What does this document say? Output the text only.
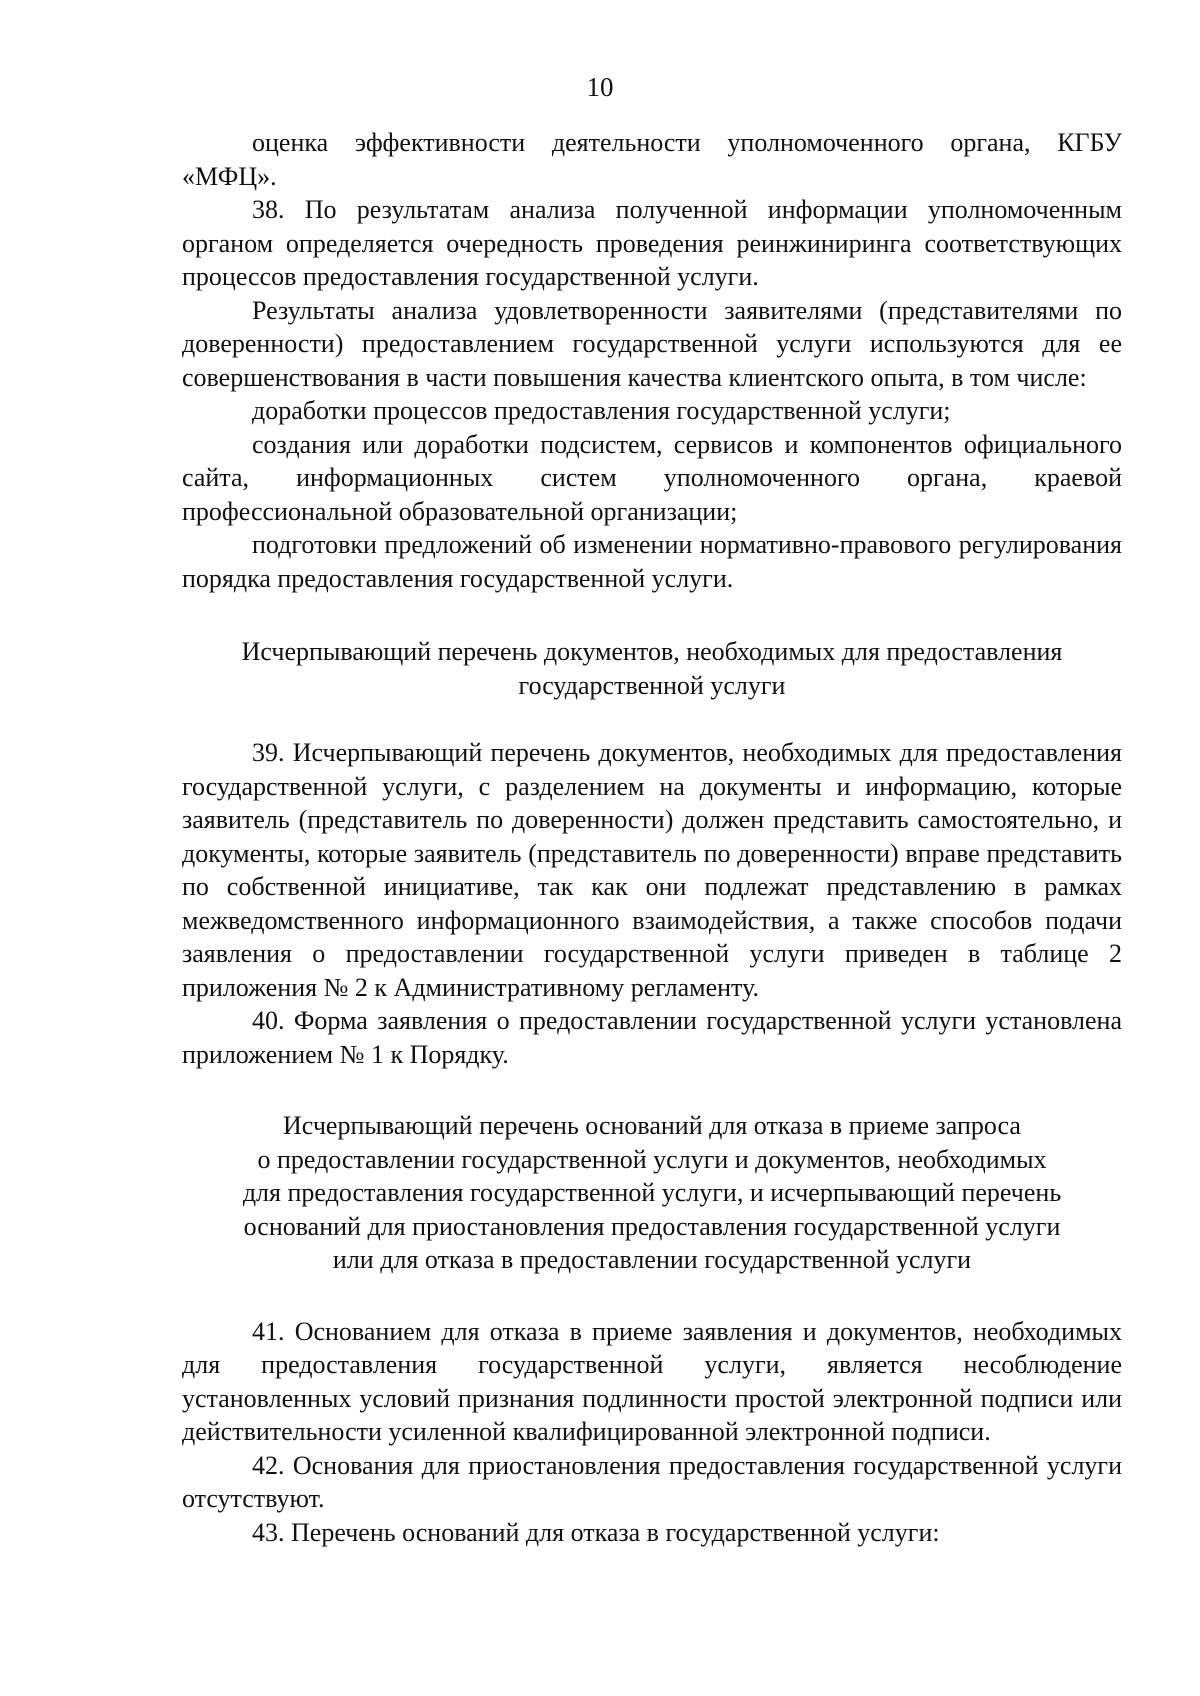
10

оценка эффективности деятельности уполномоченного органа, КГБУ «МФЦ».

38. По результатам анализа полученной информации уполномоченным органом определяется очередность проведения реинжиниринга соответствующих процессов предоставления государственной услуги.

Результаты анализа удовлетворенности заявителями (представителями по доверенности) предоставлением государственной услуги используются для ее совершенствования в части повышения качества клиентского опыта, в том числе:

доработки процессов предоставления государственной услуги;

создания или доработки подсистем, сервисов и компонентов официального сайта, информационных систем уполномоченного органа, краевой профессиональной образовательной организации;

подготовки предложений об изменении нормативно-правового регулирования порядка предоставления государственной услуги.

Исчерпывающий перечень документов, необходимых для предоставления
государственной услуги

39. Исчерпывающий перечень документов, необходимых для предоставления государственной услуги, с разделением на документы и информацию, которые заявитель (представитель по доверенности) должен представить самостоятельно, и документы, которые заявитель (представитель по доверенности) вправе представить по собственной инициативе, так как они подлежат представлению в рамках межведомственного информационного взаимодействия, а также способов подачи заявления о предоставлении государственной услуги приведен в таблице 2 приложения № 2 к Административному регламенту.

40. Форма заявления о предоставлении государственной услуги установлена приложением № 1 к Порядку.

Исчерпывающий перечень оснований для отказа в приеме запроса
о предоставлении государственной услуги и документов, необходимых
для предоставления государственной услуги, и исчерпывающий перечень
оснований для приостановления предоставления государственной услуги
или для отказа в предоставлении государственной услуги

41. Основанием для отказа в приеме заявления и документов, необходимых для предоставления государственной услуги, является несоблюдение установленных условий признания подлинности простой электронной подписи или действительности усиленной квалифицированной электронной подписи.

42. Основания для приостановления предоставления государственной услуги отсутствуют.

43. Перечень оснований для отказа в государственной услуги:
